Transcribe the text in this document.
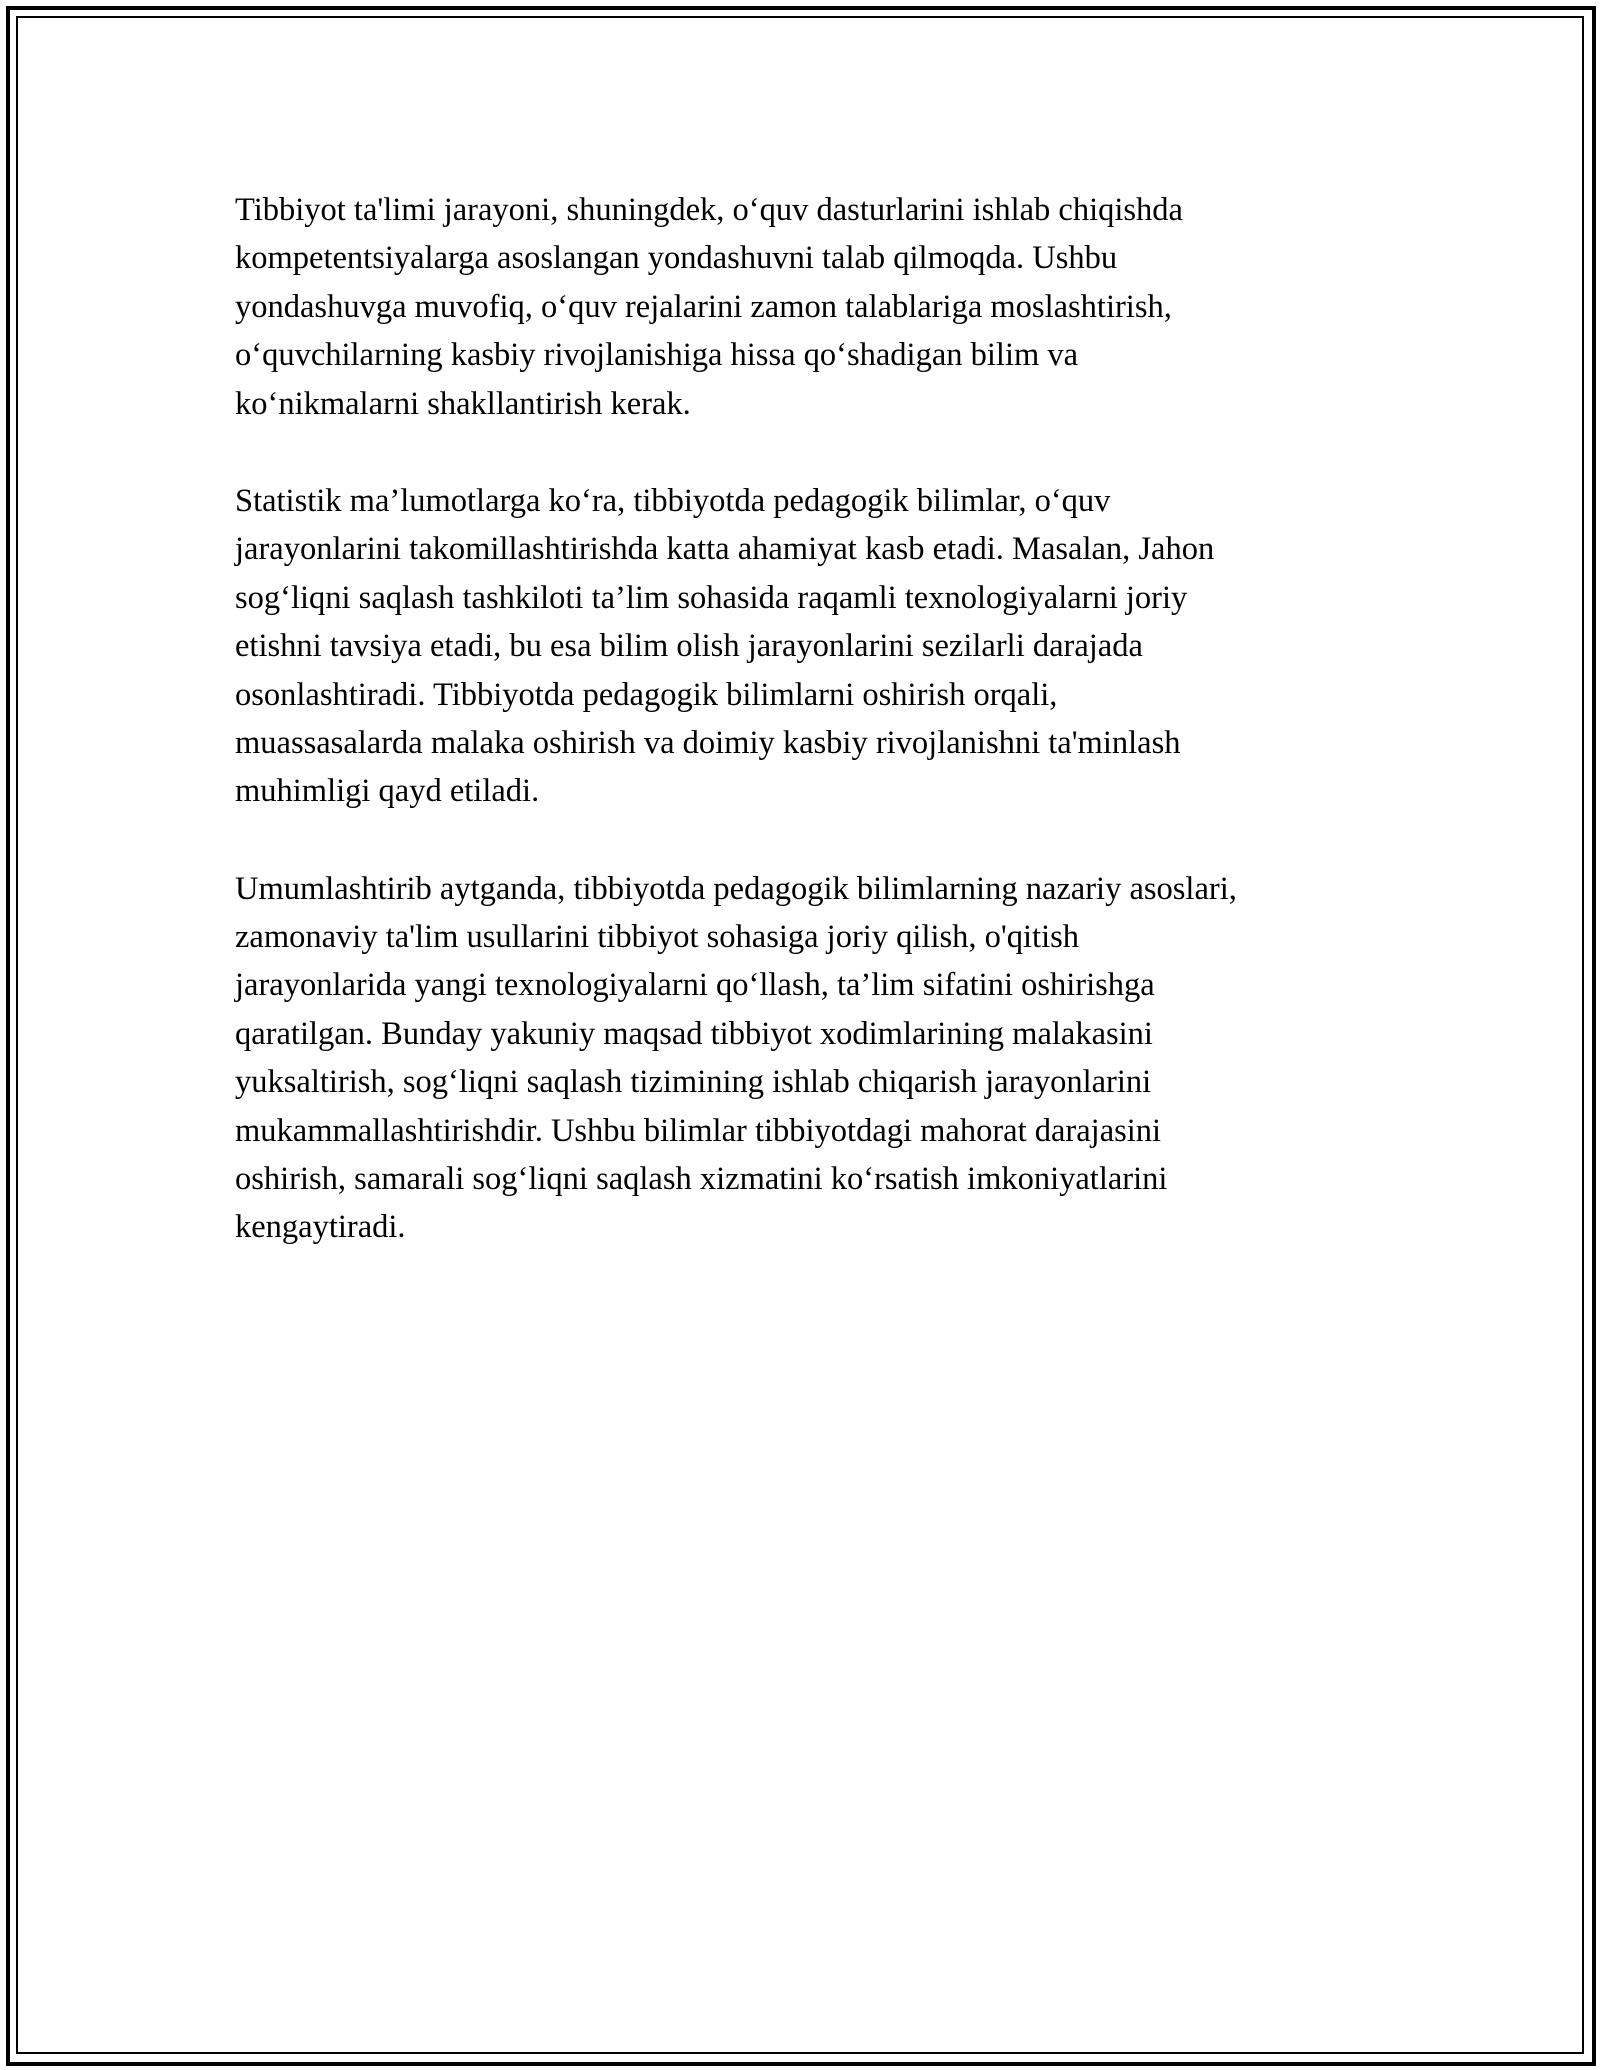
Tibbiyot ta'limi jarayoni, shuningdek, o‘quv dasturlarini ishlab chiqishda
kompetentsiyalarga asoslangan yondashuvni talab qilmoqda. Ushbu
yondashuvga muvofiq, o‘quv rejalarini zamon talablariga moslashtirish,
o‘quvchilarning kasbiy rivojlanishiga hissa qo‘shadigan bilim va
ko‘nikmalarni shakllantirish kerak.

Statistik ma’lumotlarga ko‘ra, tibbiyotda pedagogik bilimlar, o‘quv
jarayonlarini takomillashtirishda katta ahamiyat kasb etadi. Masalan, Jahon
sog‘liqni saqlash tashkiloti ta’lim sohasida raqamli texnologiyalarni joriy
etishni tavsiya etadi, bu esa bilim olish jarayonlarini sezilarli darajada
osonlashtiradi. Tibbiyotda pedagogik bilimlarni oshirish orqali,
muassasalarda malaka oshirish va doimiy kasbiy rivojlanishni ta'minlash
muhimligi qayd etiladi.

Umumlashtirib aytganda, tibbiyotda pedagogik bilimlarning nazariy asoslari,
zamonaviy ta'lim usullarini tibbiyot sohasiga joriy qilish, o'qitish
jarayonlarida yangi texnologiyalarni qo‘llash, ta’lim sifatini oshirishga
qaratilgan. Bunday yakuniy maqsad tibbiyot xodimlarining malakasini
yuksaltirish, sog‘liqni saqlash tizimining ishlab chiqarish jarayonlarini
mukammallashtirishdir. Ushbu bilimlar tibbiyotdagi mahorat darajasini
oshirish, samarali sog‘liqni saqlash xizmatini ko‘rsatish imkoniyatlarini
kengaytiradi.
